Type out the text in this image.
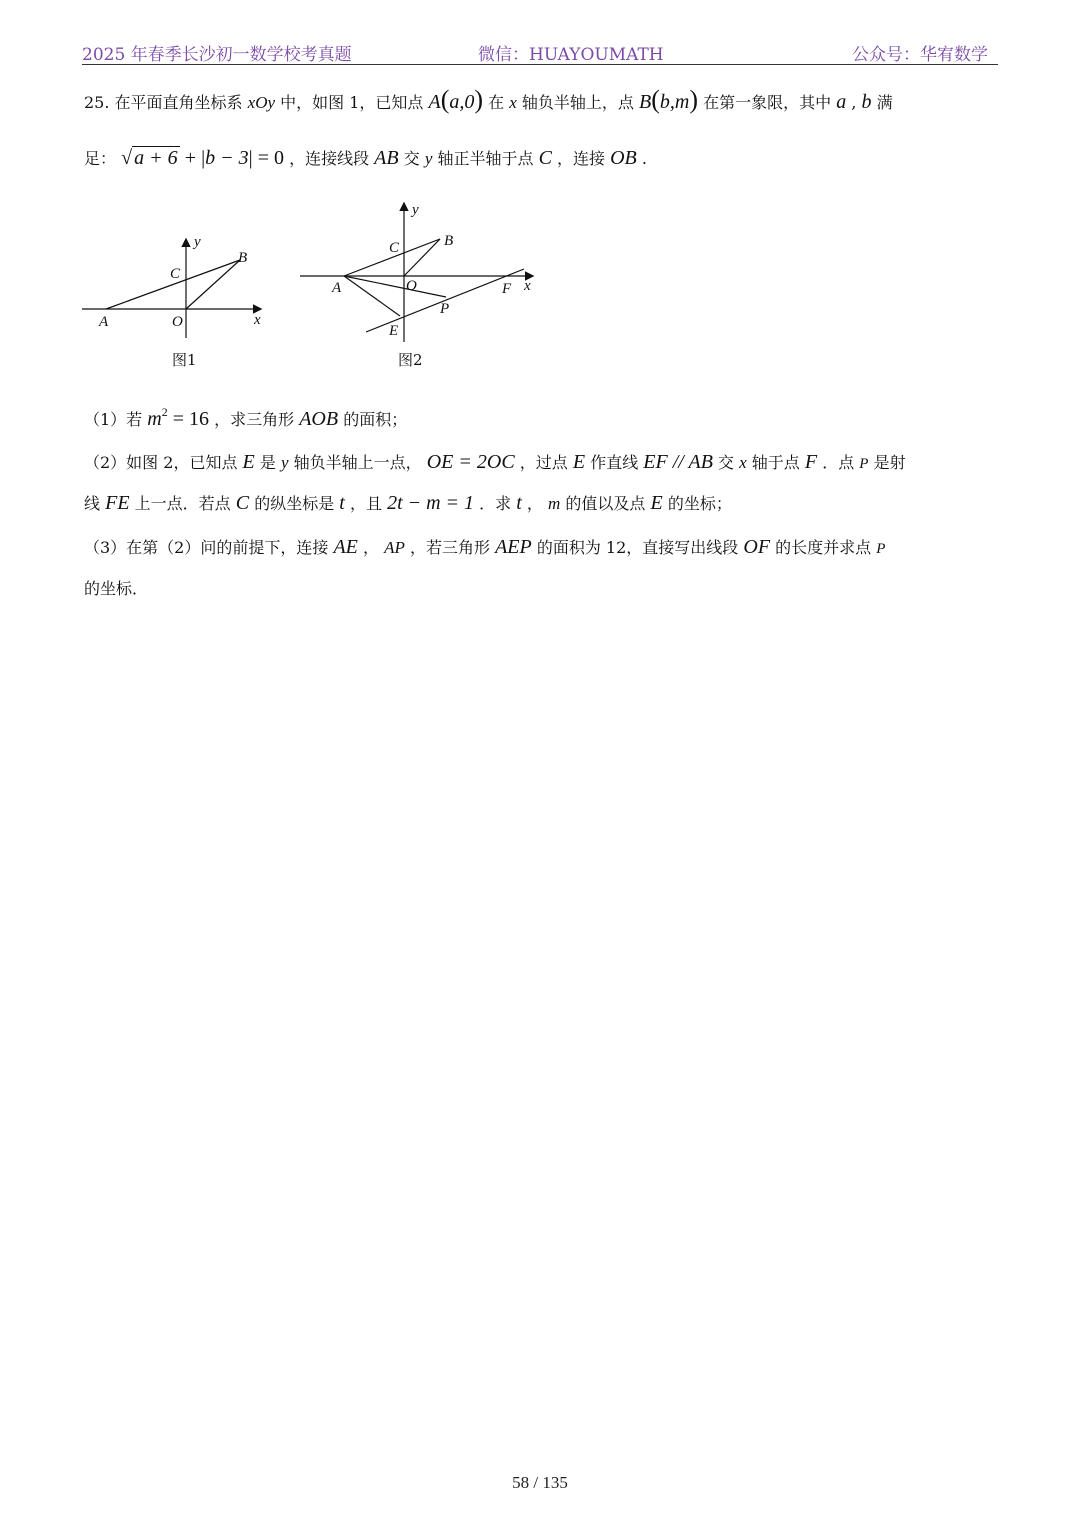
2025 年春季长沙初一数学校考真题	微信：HUAYOUMATH	公众号：华宥数学
25. 在平面直角坐标系 xOy 中，如图 1，已知点 A(a,0) 在 x 轴负半轴上，点 B(b,m) 在第一象限，其中 a , b 满
足： √ a + 6 + |b − 3| = 0 ，连接线段 AB 交 y 轴正半轴于点 C ，连接 OB .
y
x
C
B
A	O
图1
y
x
C	B
A	O	F
P
E
图2
（1）若 $m^2 = 16$ ，求三角形 AOB 的面积；
（2）如图 2，已知点 E 是 y 轴负半轴上一点， OE = 2OC ，过点 E 作直线 EF // AB 交 x 轴于点 F ．点 P 是射
线 FE 上一点．若点 C 的纵坐标是 t ，且 2t − m = 1 ．求 t ， m 的值以及点 E 的坐标；
（3）在第（2）问的前提下，连接 AE ， AP ，若三角形 AEP 的面积为 12，直接写出线段 OF 的长度并求点 P
的坐标．
58 / 135
